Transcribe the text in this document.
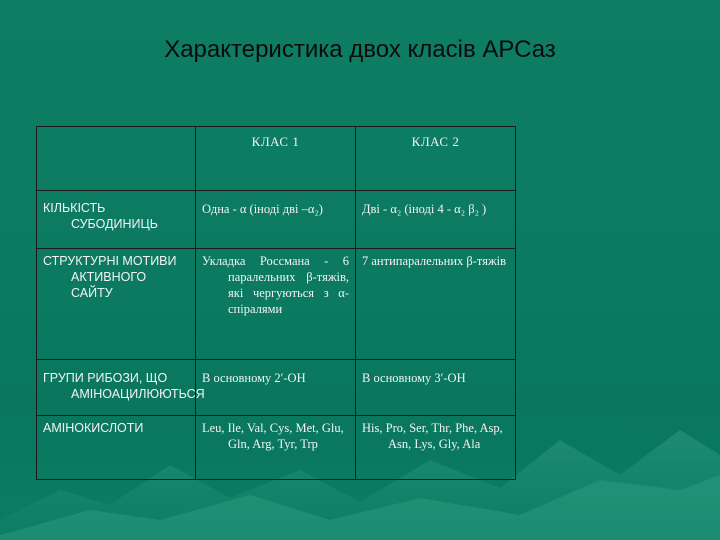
Характеристика двох класів АРСаз

	КЛАС 1	КЛАС 2

КІЛЬКІСТЬ СУБОДИНИЦЬ	Одна - α (іноді дві –α₂)	Дві - α₂ (іноді 4 - α₂ β₂ )

СТРУКТУРНІ МОТИВИ АКТИВНОГО САЙТУ	Укладка Россмана - 6 паралельних β-тяжів, які чергуються з α-спіралями	7 антипаралельних β-тяжів

ГРУПИ РИБОЗИ, ЩО АМІНОАЦИЛЮЮТЬСЯ	В основному 2′-ОН	В основному 3′-ОН

АМІНОКИСЛОТИ	Leu, Ile, Val, Cys, Met, Glu, Gln, Arg, Tyr, Trp	His, Pro, Ser, Thr, Phe, Asp, Asn, Lys, Gly, Ala
